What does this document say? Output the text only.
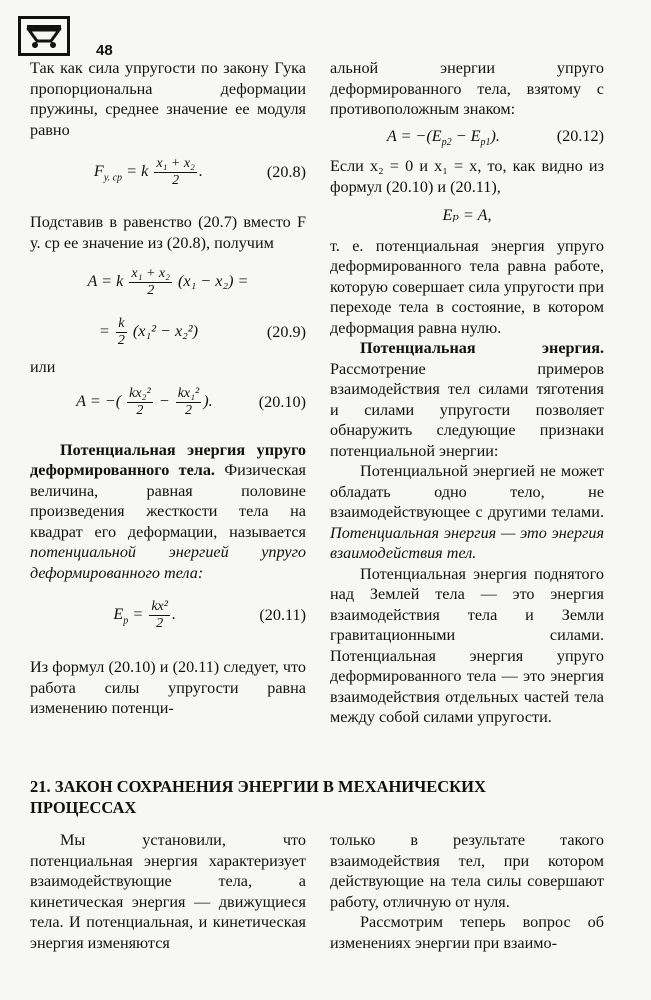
48

Так как сила упругости по закону Гука пропорциональна деформации пружины, среднее значение ее модуля равно

$F_{у. ср} = k \frac{\text{x₁ + x₂}}{2}$ .	(20.8)

Подставив в равенство (20.7) вместо F у. ср ее значение из (20.8), получим

A = k $\frac{\text{x₁ + x₂}}{2} (x_1 - x_2)$ =
= $\frac{k}{2} (x_1^2 - x_2^2)$	(20.9)

или

A = −( $\frac{\text{kx₂²}}{2} - \frac{\text{kx₁²}}{2}$ ).	(20.10)

Потенциальная энергия упруго деформированного тела. Физическая величина, равная половине произведения жесткости тела на квадрат его деформации, называется потенциальной энергией упруго деформированного тела:

$E_p = \frac{\text{kx²}}{2}$ .	(20.11)

Из формул (20.10) и (20.11) следует, что работа силы упругости равна изменению потенци-

альной энергии упруго деформированного тела, взятому с противоположным знаком:

$A = -(E_{p2} - E_{p1})$.	(20.12)

Если x₂ = 0 и x₁ = x, то, как видно из формул (20.10) и (20.11),

Eₚ = A,

т. е. потенциальная энергия упруго деформированного тела равна работе, которую совершает сила упругости при переходе тела в состояние, в котором деформация равна нулю.

Потенциальная энергия. Рассмотрение примеров взаимодействия тел силами тяготения и силами упругости позволяет обнаружить следующие признаки потенциальной энергии:

Потенциальной энергией не может обладать одно тело, не взаимодействующее с другими телами. Потенциальная энергия — это энергия взаимодействия тел.

Потенциальная энергия поднятого над Землей тела — это энергия взаимодействия тела и Земли гравитационными силами. Потенциальная энергия упруго деформированного тела — это энергия взаимодействия отдельных частей тела между собой силами упругости.

21. ЗАКОН СОХРАНЕНИЯ ЭНЕРГИИ В МЕХАНИЧЕСКИХ ПРОЦЕССАХ

Мы установили, что потенциальная энергия характеризует взаимодействующие тела, а кинетическая энергия — движущиеся тела. И потенциальная, и кинетическая энергия изменяются

только в результате такого взаимодействия тел, при котором действующие на тела силы совершают работу, отличную от нуля.

Рассмотрим теперь вопрос об изменениях энергии при взаимо-
